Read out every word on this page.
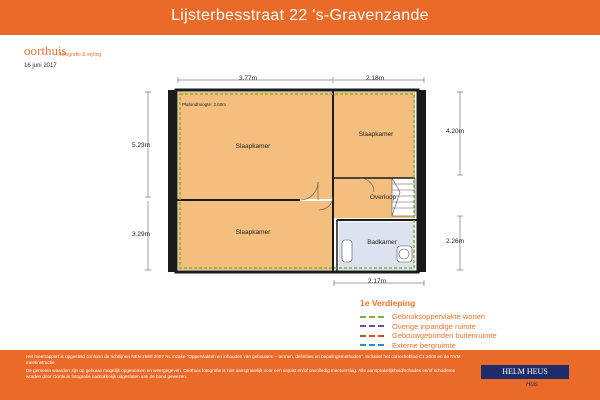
Lijsterbesstraat 22 's-Gravenzande
oorthuis
fotografie & styling
16 juni 2017
3.77m	2.18m
5.23m
3.29m
4.20m
2.26m
2.17m
Plafondhoogte: 2.60m
Slaapkamer
Slaapkamer
Slaapkamer
Overloop
Badkamer
1e Verdieping
Gebruiksoppervlakte wonen
Overige inpandige ruimte
Gebouwgebonden buitenruimte
Externe bergruimte

Het meetrapport is opgesteld conform de richtlijnen NEN 2580:2007 NL inzake "Oppervlakten en inhouden van gebouwen – termen, definities en bepalingsmethoden". Inclusief het correctieblad C1:2008 en de NVM meetinstructie.

De gemeten waarden zijn op gehouw mogelijk opgenomen en weergegeven. Oorthuis fotografie is niet aansprakelijk voor een onjuist en/of onvolledig meetverslag. Alle aansprakelijkheid/schades en/of schaderen worden door Oorthuis fotografie nadrukkelijk uitgesloten van de hand gewezen.

HELM HEUS
Huis
